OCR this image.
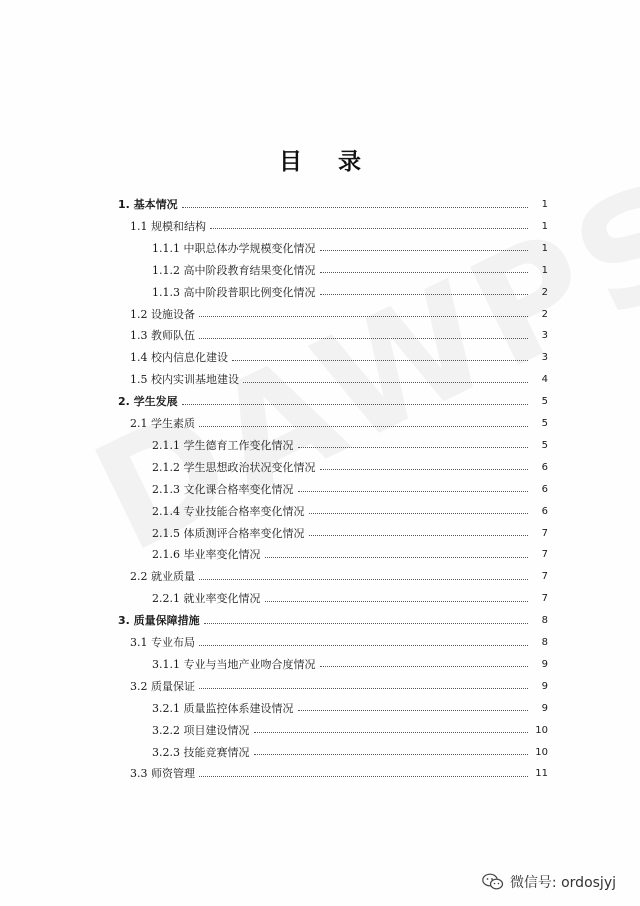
目 录
1. 基本情况	1
1.1 规模和结构	1
1.1.1 中职总体办学规模变化情况	1
1.1.2 高中阶段教育结果变化情况	1
1.1.3 高中阶段普职比例变化情况	2
1.2 设施设备	2
1.3 教师队伍	3
1.4 校内信息化建设	3
1.5 校内实训基地建设	4
2. 学生发展	5
2.1 学生素质	5
2.1.1 学生德育工作变化情况	5
2.1.2 学生思想政治状况变化情况	6
2.1.3 文化课合格率变化情况	6
2.1.4 专业技能合格率变化情况	6
2.1.5 体质测评合格率变化情况	7
2.1.6 毕业率变化情况	7
2.2 就业质量	7
2.2.1 就业率变化情况	7
3. 质量保障措施	8
3.1 专业布局	8
3.1.1 专业与当地产业吻合度情况	9
3.2 质量保证	9
3.2.1 质量监控体系建设情况	9
3.2.2 项目建设情况	10
3.2.3 技能竞赛情况	10
3.3 师资管理	11
微信号: ordosjyj
